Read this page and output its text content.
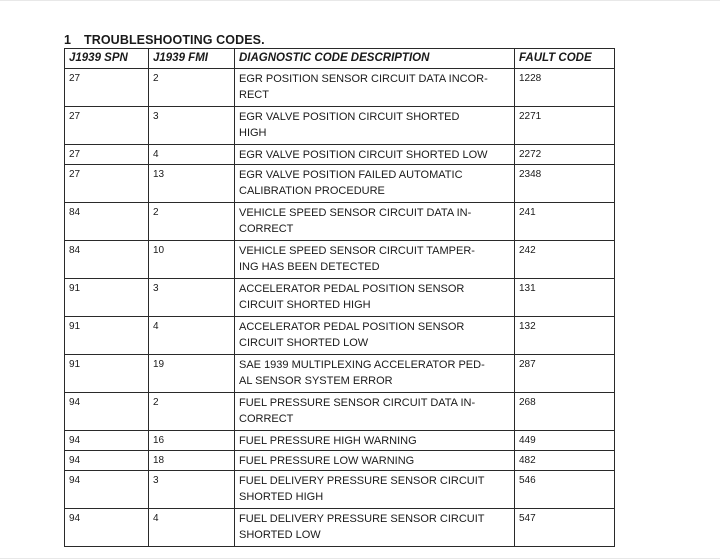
1 TROUBLESHOOTING CODES.
J1939 SPN	J1939 FMI	DIAGNOSTIC CODE DESCRIPTION	FAULT CODE
27	2	EGR POSITION SENSOR CIRCUIT DATA INCOR-
RECT	1228
27	3	EGR VALVE POSITION CIRCUIT SHORTED
HIGH	2271
27	4	EGR VALVE POSITION CIRCUIT SHORTED LOW	2272
27	13	EGR VALVE POSITION FAILED AUTOMATIC
CALIBRATION PROCEDURE	2348
84	2	VEHICLE SPEED SENSOR CIRCUIT DATA IN-
CORRECT	241
84	10	VEHICLE SPEED SENSOR CIRCUIT TAMPER-
ING HAS BEEN DETECTED	242
91	3	ACCELERATOR PEDAL POSITION SENSOR
CIRCUIT SHORTED HIGH	131
91	4	ACCELERATOR PEDAL POSITION SENSOR
CIRCUIT SHORTED LOW	132
91	19	SAE 1939 MULTIPLEXING ACCELERATOR PED-
AL SENSOR SYSTEM ERROR	287
94	2	FUEL PRESSURE SENSOR CIRCUIT DATA IN-
CORRECT	268
94	16	FUEL PRESSURE HIGH WARNING	449
94	18	FUEL PRESSURE LOW WARNING	482
94	3	FUEL DELIVERY PRESSURE SENSOR CIRCUIT
SHORTED HIGH	546
94	4	FUEL DELIVERY PRESSURE SENSOR CIRCUIT
SHORTED LOW	547
